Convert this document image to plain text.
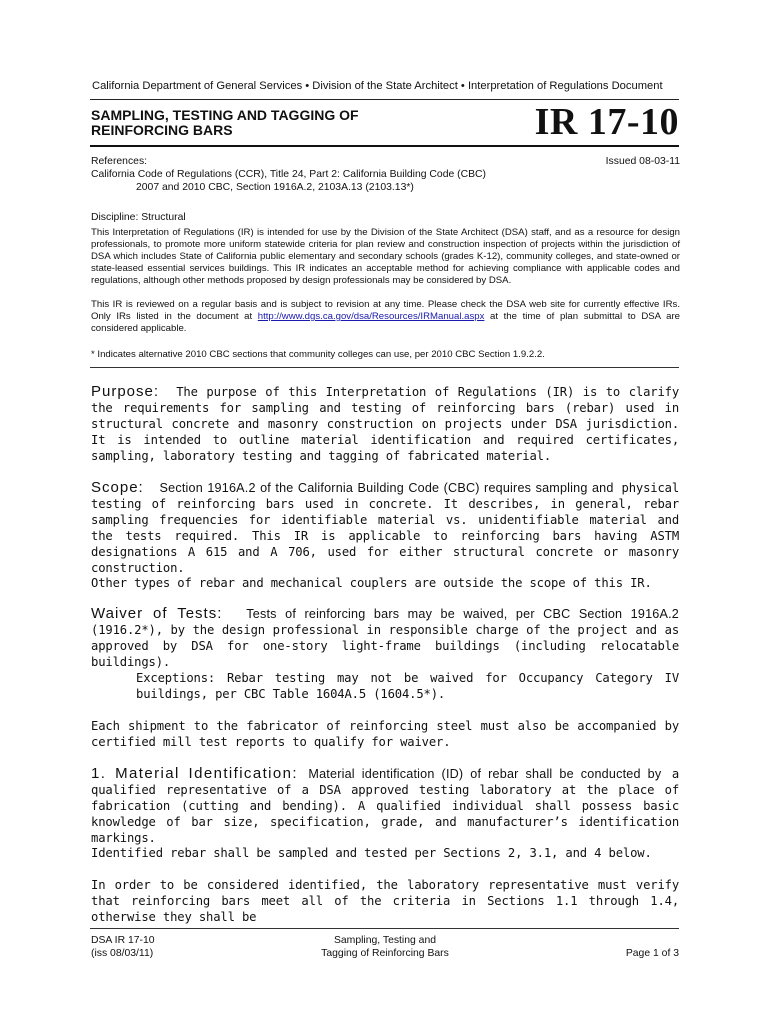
California Department of General Services • Division of the State Architect • Interpretation of Regulations Document
SAMPLING, TESTING AND TAGGING OF
REINFORCING BARS	IR 17-10
References:
California Code of Regulations (CCR), Title 24, Part 2: California Building Code (CBC)
2007 and 2010 CBC, Section 1916A.2, 2103A.13 (2103.13*)
Issued 08-03-11
Discipline: Structural
This Interpretation of Regulations (IR) is intended for use by the Division of the State Architect (DSA) staff, and as a resource for design professionals, to promote more uniform statewide criteria for plan review and construction inspection of projects within the jurisdiction of DSA which includes State of California public elementary and secondary schools (grades K-12), community colleges, and state-owned or state-leased essential services buildings. This IR indicates an acceptable method for achieving compliance with applicable codes and regulations, although other methods proposed by design professionals may be considered by DSA.
This IR is reviewed on a regular basis and is subject to revision at any time. Please check the DSA web site for currently effective IRs. Only IRs listed in the document at http://www.dgs.ca.gov/dsa/Resources/IRManual.aspx at the time of plan submittal to DSA are considered applicable.
* Indicates alternative 2010 CBC sections that community colleges can use, per 2010 CBC Section 1.9.2.2.
Purpose: The purpose of this Interpretation of Regulations (IR) is to clarify the requirements for sampling and testing of reinforcing bars (rebar) used in structural concrete and masonry construction on projects under DSA jurisdiction. It is intended to outline material identification and required certificates, sampling, laboratory testing and tagging of fabricated material.
Scope: Section 1916A.2 of the California Building Code (CBC) requires sampling and physical testing of reinforcing bars used in concrete. It describes, in general, rebar sampling frequencies for identifiable material vs. unidentifiable material and the tests required. This IR is applicable to reinforcing bars having ASTM designations A 615 and A 706, used for either structural concrete or masonry construction.
Other types of rebar and mechanical couplers are outside the scope of this IR.
Waiver of Tests: Tests of reinforcing bars may be waived, per CBC Section 1916A.2 (1916.2*), by the design professional in responsible charge of the project and as approved by DSA for one-story light-frame buildings (including relocatable buildings).
Exceptions: Rebar testing may not be waived for Occupancy Category IV buildings, per CBC Table 1604A.5 (1604.5*).
Each shipment to the fabricator of reinforcing steel must also be accompanied by certified mill test reports to qualify for waiver.
1. Material Identification: Material identification (ID) of rebar shall be conducted by a qualified representative of a DSA approved testing laboratory at the place of fabrication (cutting and bending). A qualified individual shall possess basic knowledge of bar size, specification, grade, and manufacturer’s identification markings.
Identified rebar shall be sampled and tested per Sections 2, 3.1, and 4 below.
In order to be considered identified, the laboratory representative must verify that reinforcing bars meet all of the criteria in Sections 1.1 through 1.4, otherwise they shall be
DSA IR 17-10
(iss 08/03/11)
Sampling, Testing and
Tagging of Reinforcing Bars	Page 1 of 3
